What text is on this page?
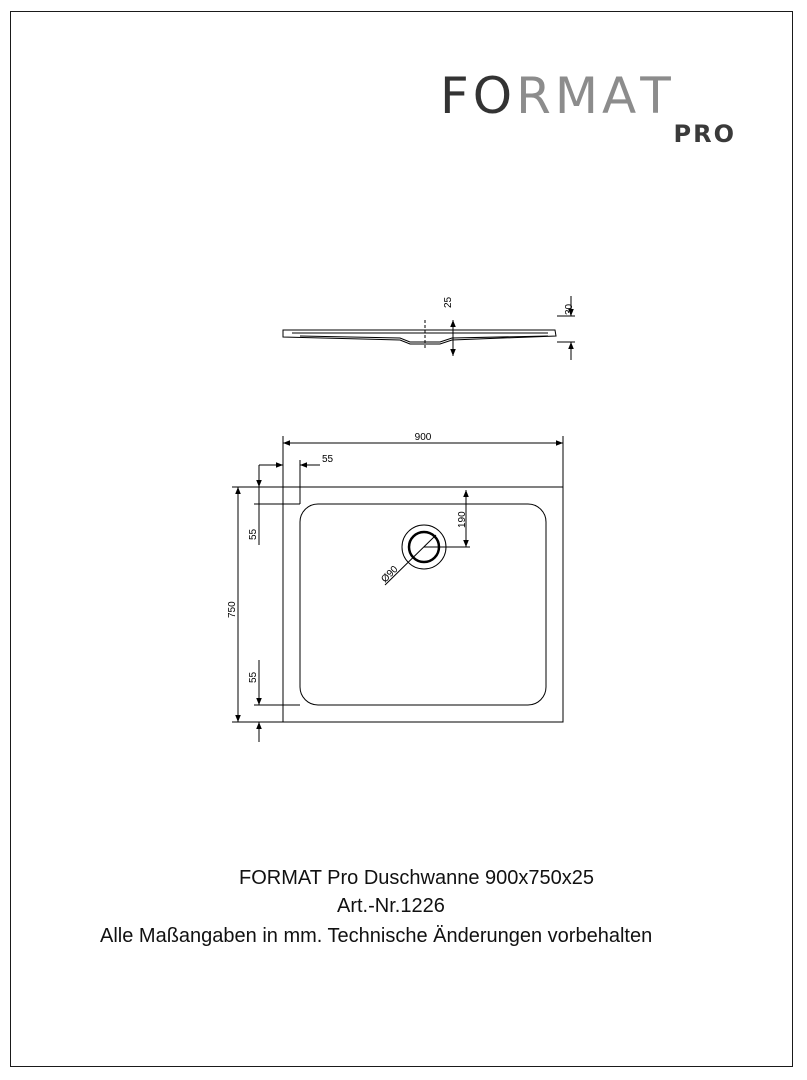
FORMAT
PRO
25
30
900
55
190
Ø90
750
55
55
FORMAT Pro Duschwanne 900x750x25
Art.-Nr.1226
Alle Maßangaben in mm. Technische Änderungen vorbehalten
